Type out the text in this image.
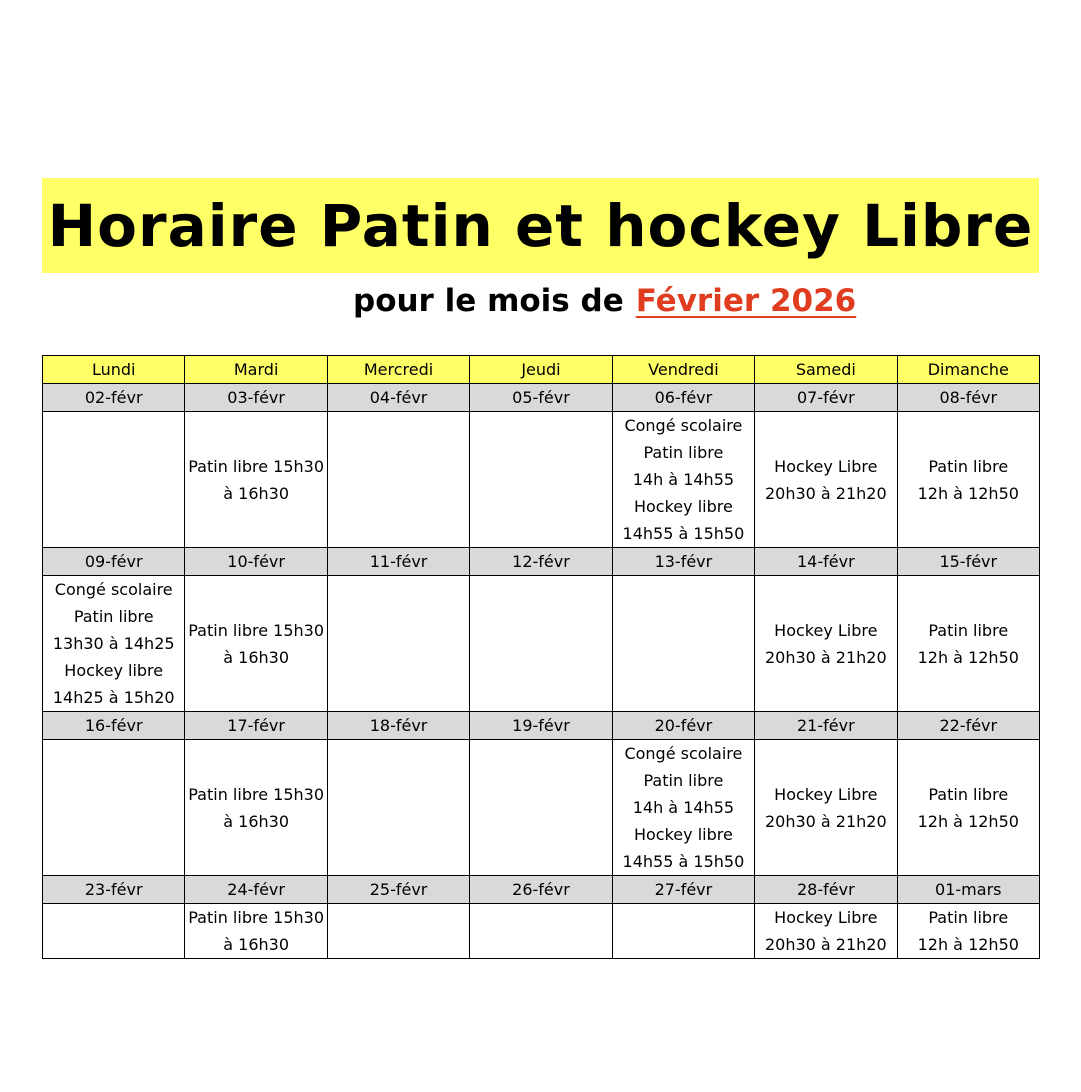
Horaire Patin et hockey Libre
pour le mois de Février 2026
Lundi	Mardi	Mercredi	Jeudi	Vendredi	Samedi	Dimanche
02-févr	03-févr	04-févr	05-févr	06-févr	07-févr	08-févr

	Patin libre 15h30
à 16h30			Congé scolaire
Patin libre
14h à 14h55
Hockey libre
14h55 à 15h50	Hockey Libre
20h30 à 21h20	Patin libre
12h à 12h50

09-févr	10-févr	11-févr	12-févr	13-févr	14-févr	15-févr

Congé scolaire
Patin libre
13h30 à 14h25
Hockey libre
14h25 à 15h20	Patin libre 15h30
à 16h30				Hockey Libre
20h30 à 21h20	Patin libre
12h à 12h50

16-févr	17-févr	18-févr	19-févr	20-févr	21-févr	22-févr

	Patin libre 15h30
à 16h30			Congé scolaire
Patin libre
14h à 14h55
Hockey libre
14h55 à 15h50	Hockey Libre
20h30 à 21h20	Patin libre
12h à 12h50

23-févr	24-févr	25-févr	26-févr	27-févr	28-févr	01-mars

	Patin libre 15h30
à 16h30				Hockey Libre
20h30 à 21h20	Patin libre
12h à 12h50
